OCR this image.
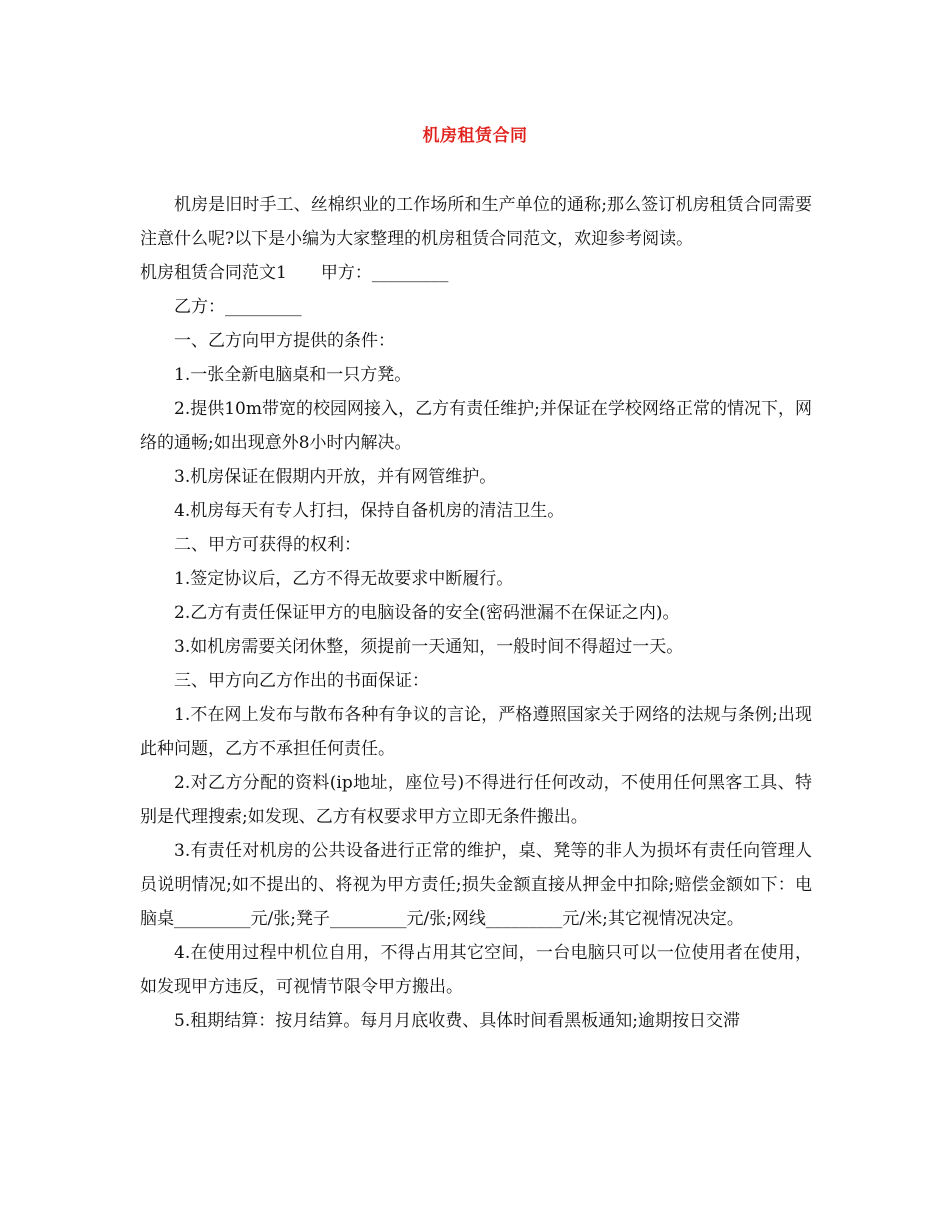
机房租赁合同

机房是旧时手工、丝棉织业的工作场所和生产单位的通称;那么签订机房租赁合同需要注意什么呢?以下是小编为大家整理的机房租赁合同范文，欢迎参考阅读。

机房租赁合同范文1　　甲方：_________

乙方：_________

一、乙方向甲方提供的条件：

1.一张全新电脑桌和一只方凳。

2.提供10m带宽的校园网接入，乙方有责任维护;并保证在学校网络正常的情况下，网络的通畅;如出现意外8小时内解决。

3.机房保证在假期内开放，并有网管维护。

4.机房每天有专人打扫，保持自备机房的清洁卫生。

二、甲方可获得的权利：

1.签定协议后，乙方不得无故要求中断履行。

2.乙方有责任保证甲方的电脑设备的安全(密码泄漏不在保证之内)。

3.如机房需要关闭休整，须提前一天通知，一般时间不得超过一天。

三、甲方向乙方作出的书面保证：

1.不在网上发布与散布各种有争议的言论，严格遵照国家关于网络的法规与条例;出现此种问题，乙方不承担任何责任。

2.对乙方分配的资料(ip地址，座位号)不得进行任何改动，不使用任何黑客工具、特别是代理搜索;如发现、乙方有权要求甲方立即无条件搬出。

3.有责任对机房的公共设备进行正常的维护，桌、凳等的非人为损坏有责任向管理人员说明情况;如不提出的、将视为甲方责任;损失金额直接从押金中扣除;赔偿金额如下：电脑桌_________元/张;凳子_________元/张;网线_________元/米;其它视情况决定。

4.在使用过程中机位自用，不得占用其它空间，一台电脑只可以一位使用者在使用，如发现甲方违反，可视情节限令甲方搬出。

5.租期结算：按月结算。每月月底收费、具体时间看黑板通知;逾期按日交滞
